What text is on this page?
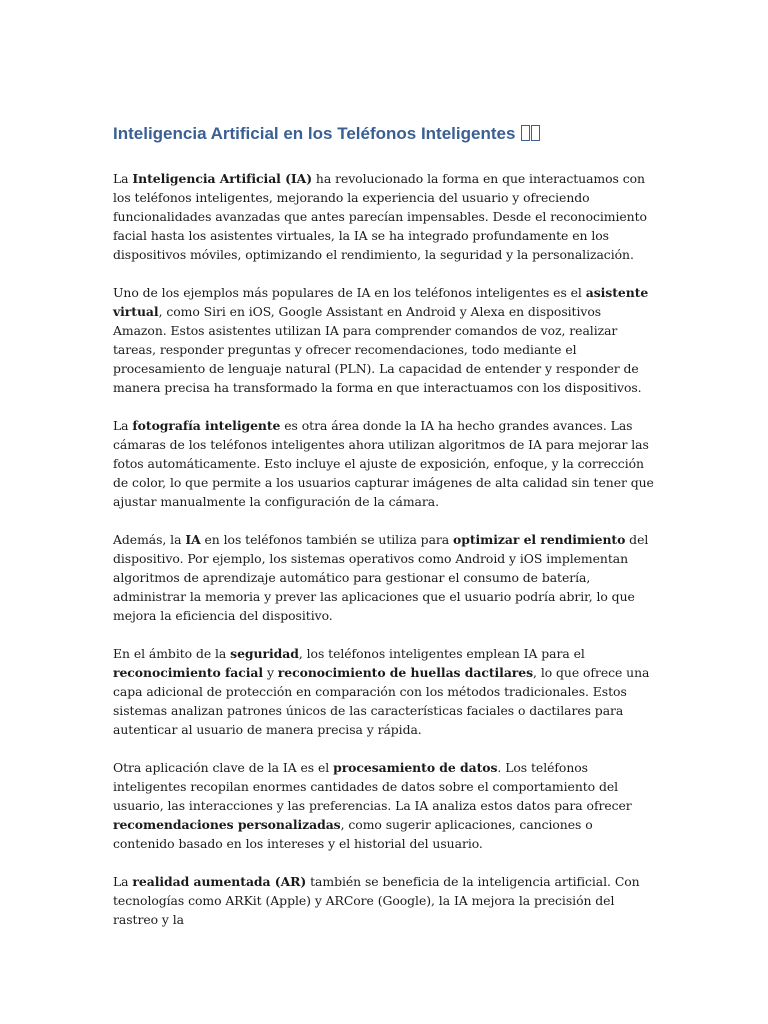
Inteligencia Artificial en los Teléfonos Inteligentes

La Inteligencia Artificial (IA) ha revolucionado la forma en que interactuamos con los teléfonos inteligentes, mejorando la experiencia del usuario y ofreciendo funcionalidades avanzadas que antes parecían impensables. Desde el reconocimiento facial hasta los asistentes virtuales, la IA se ha integrado profundamente en los dispositivos móviles, optimizando el rendimiento, la seguridad y la personalización.

Uno de los ejemplos más populares de IA en los teléfonos inteligentes es el asistente virtual, como Siri en iOS, Google Assistant en Android y Alexa en dispositivos Amazon. Estos asistentes utilizan IA para comprender comandos de voz, realizar tareas, responder preguntas y ofrecer recomendaciones, todo mediante el procesamiento de lenguaje natural (PLN). La capacidad de entender y responder de manera precisa ha transformado la forma en que interactuamos con los dispositivos.

La fotografía inteligente es otra área donde la IA ha hecho grandes avances. Las cámaras de los teléfonos inteligentes ahora utilizan algoritmos de IA para mejorar las fotos automáticamente. Esto incluye el ajuste de exposición, enfoque, y la corrección de color, lo que permite a los usuarios capturar imágenes de alta calidad sin tener que ajustar manualmente la configuración de la cámara.

Además, la IA en los teléfonos también se utiliza para optimizar el rendimiento del dispositivo. Por ejemplo, los sistemas operativos como Android y iOS implementan algoritmos de aprendizaje automático para gestionar el consumo de batería, administrar la memoria y prever las aplicaciones que el usuario podría abrir, lo que mejora la eficiencia del dispositivo.

En el ámbito de la seguridad, los teléfonos inteligentes emplean IA para el reconocimiento facial y reconocimiento de huellas dactilares, lo que ofrece una capa adicional de protección en comparación con los métodos tradicionales. Estos sistemas analizan patrones únicos de las características faciales o dactilares para autenticar al usuario de manera precisa y rápida.

Otra aplicación clave de la IA es el procesamiento de datos. Los teléfonos inteligentes recopilan enormes cantidades de datos sobre el comportamiento del usuario, las interacciones y las preferencias. La IA analiza estos datos para ofrecer recomendaciones personalizadas, como sugerir aplicaciones, canciones o contenido basado en los intereses y el historial del usuario.

La realidad aumentada (AR) también se beneficia de la inteligencia artificial. Con tecnologías como ARKit (Apple) y ARCore (Google), la IA mejora la precisión del rastreo y la
